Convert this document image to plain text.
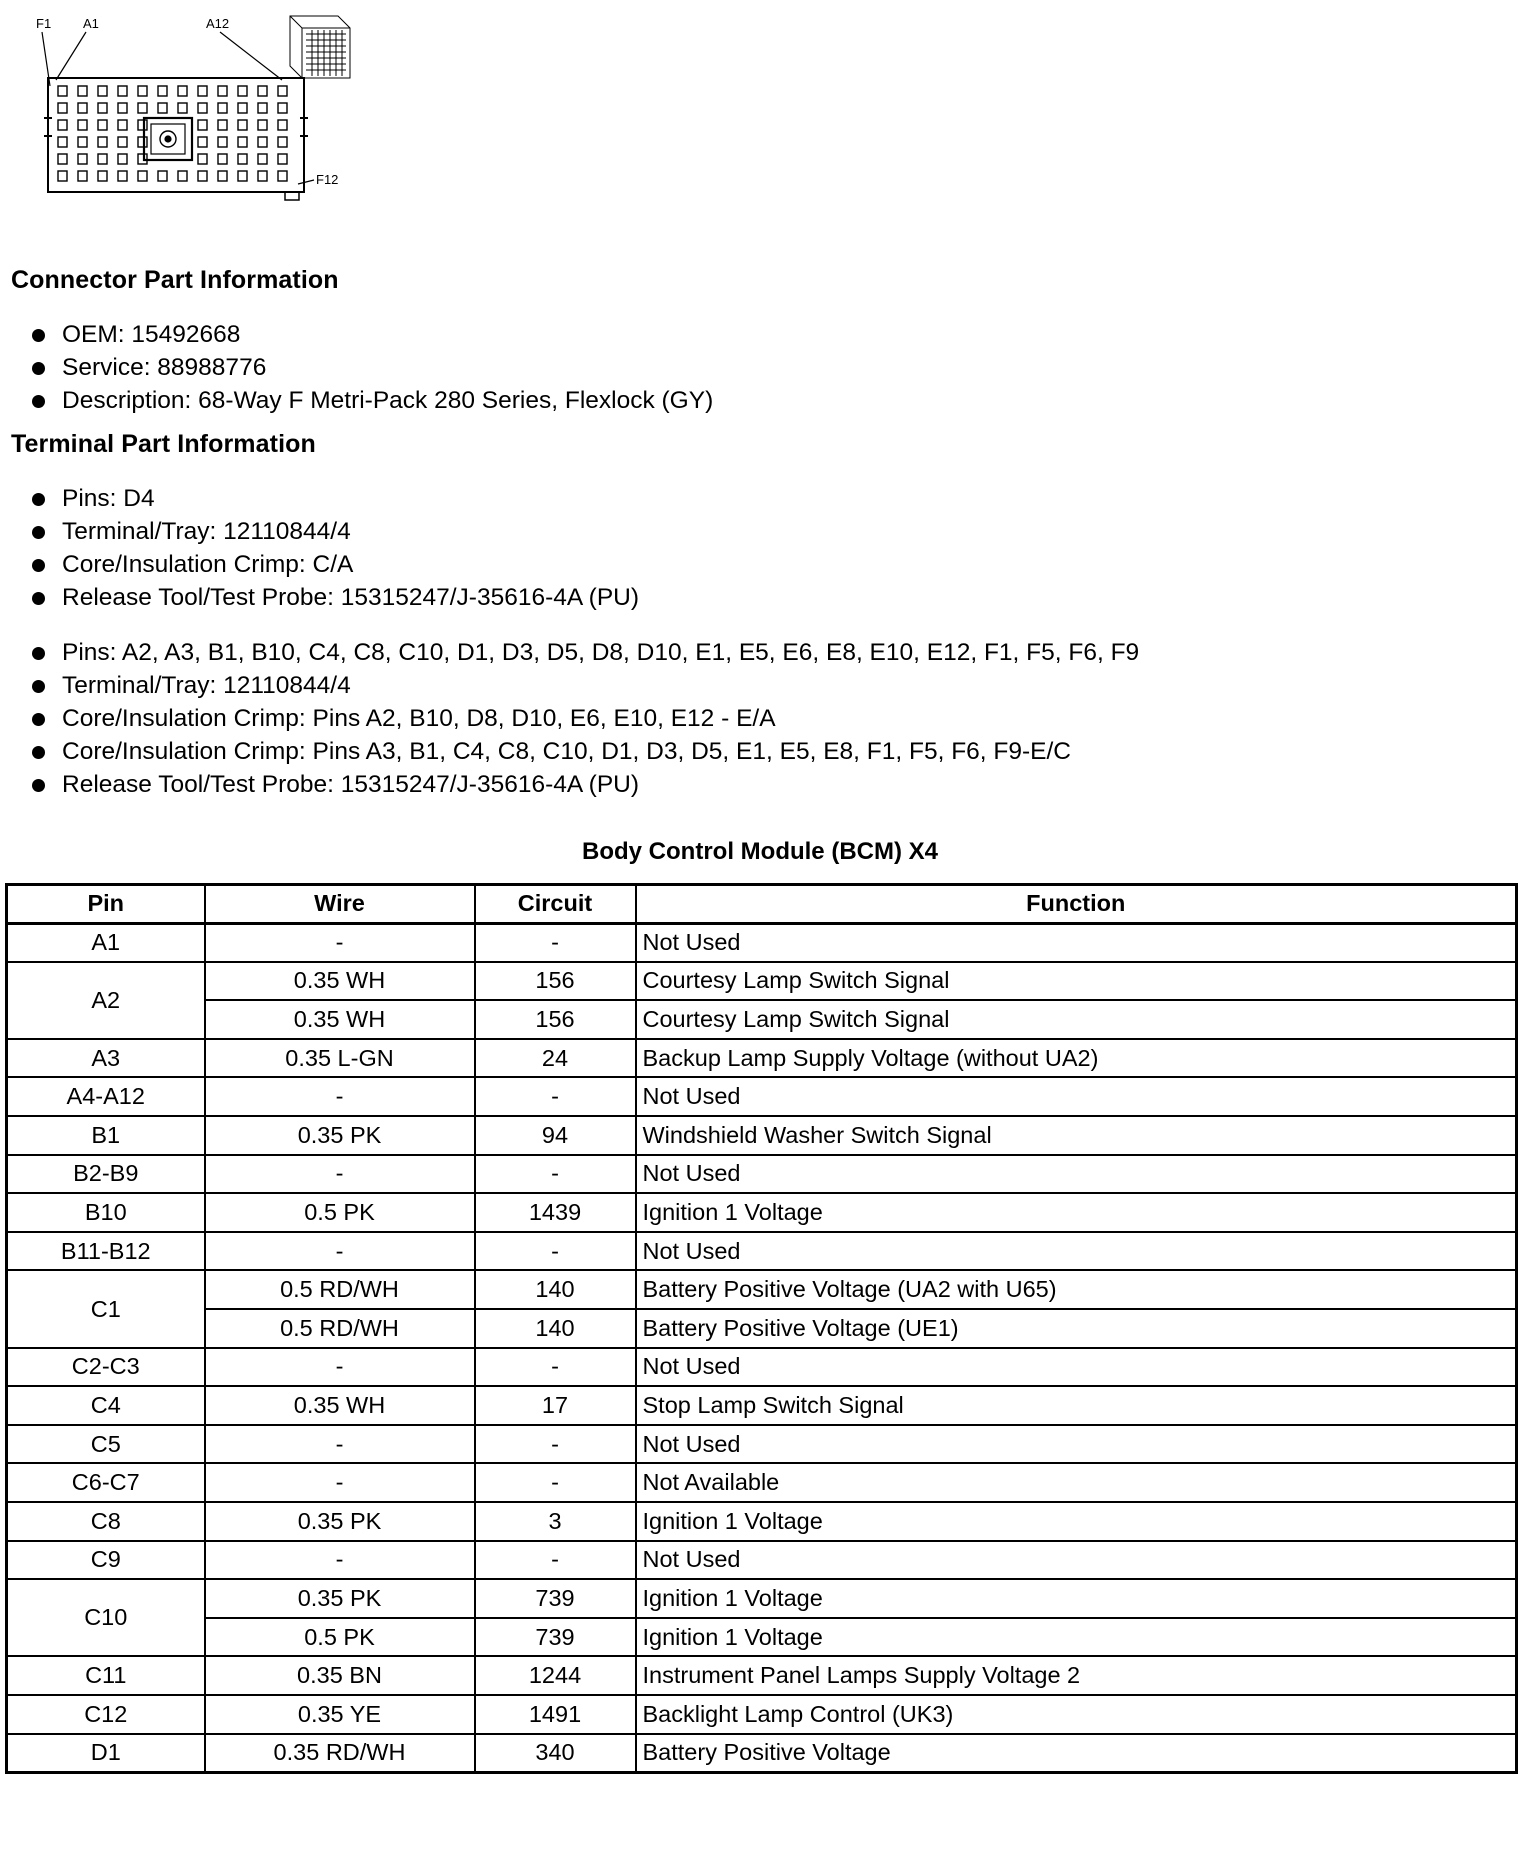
F1 A1	A12
F12
Connector Part Information
OEM: 15492668
Service: 88988776
Description: 68-Way F Metri-Pack 280 Series, Flexlock (GY)
Terminal Part Information
Pins: D4
Terminal/Tray: 12110844/4
Core/Insulation Crimp: C/A
Release Tool/Test Probe: 15315247/J-35616-4A (PU)
Pins: A2, A3, B1, B10, C4, C8, C10, D1, D3, D5, D8, D10, E1, E5, E6, E8, E10, E12, F1, F5, F6, F9
Terminal/Tray: 12110844/4
Core/Insulation Crimp: Pins A2, B10, D8, D10, E6, E10, E12 - E/A
Core/Insulation Crimp: Pins A3, B1, C4, C8, C10, D1, D3, D5, E1, E5, E8, F1, F5, F6, F9-E/C
Release Tool/Test Probe: 15315247/J-35616-4A (PU)
Body Control Module (BCM) X4
Pin	Wire	Circuit	Function
A1	-	-	Not Used
A2	0.35 WH	156	Courtesy Lamp Switch Signal
	0.35 WH	156	Courtesy Lamp Switch Signal
A3	0.35 L-GN	24	Backup Lamp Supply Voltage (without UA2)
A4-A12	-	-	Not Used
B1	0.35 PK	94	Windshield Washer Switch Signal
B2-B9	-	-	Not Used
B10	0.5 PK	1439	Ignition 1 Voltage
B11-B12	-	-	Not Used
C1	0.5 RD/WH	140	Battery Positive Voltage (UA2 with U65)
	0.5 RD/WH	140	Battery Positive Voltage (UE1)
C2-C3	-	-	Not Used
C4	0.35 WH	17	Stop Lamp Switch Signal
C5	-	-	Not Used
C6-C7	-	-	Not Available
C8	0.35 PK	3	Ignition 1 Voltage
C9	-	-	Not Used
C10	0.35 PK	739	Ignition 1 Voltage
	0.5 PK	739	Ignition 1 Voltage
C11	0.35 BN	1244	Instrument Panel Lamps Supply Voltage 2
C12	0.35 YE	1491	Backlight Lamp Control (UK3)
D1	0.35 RD/WH	340	Battery Positive Voltage
